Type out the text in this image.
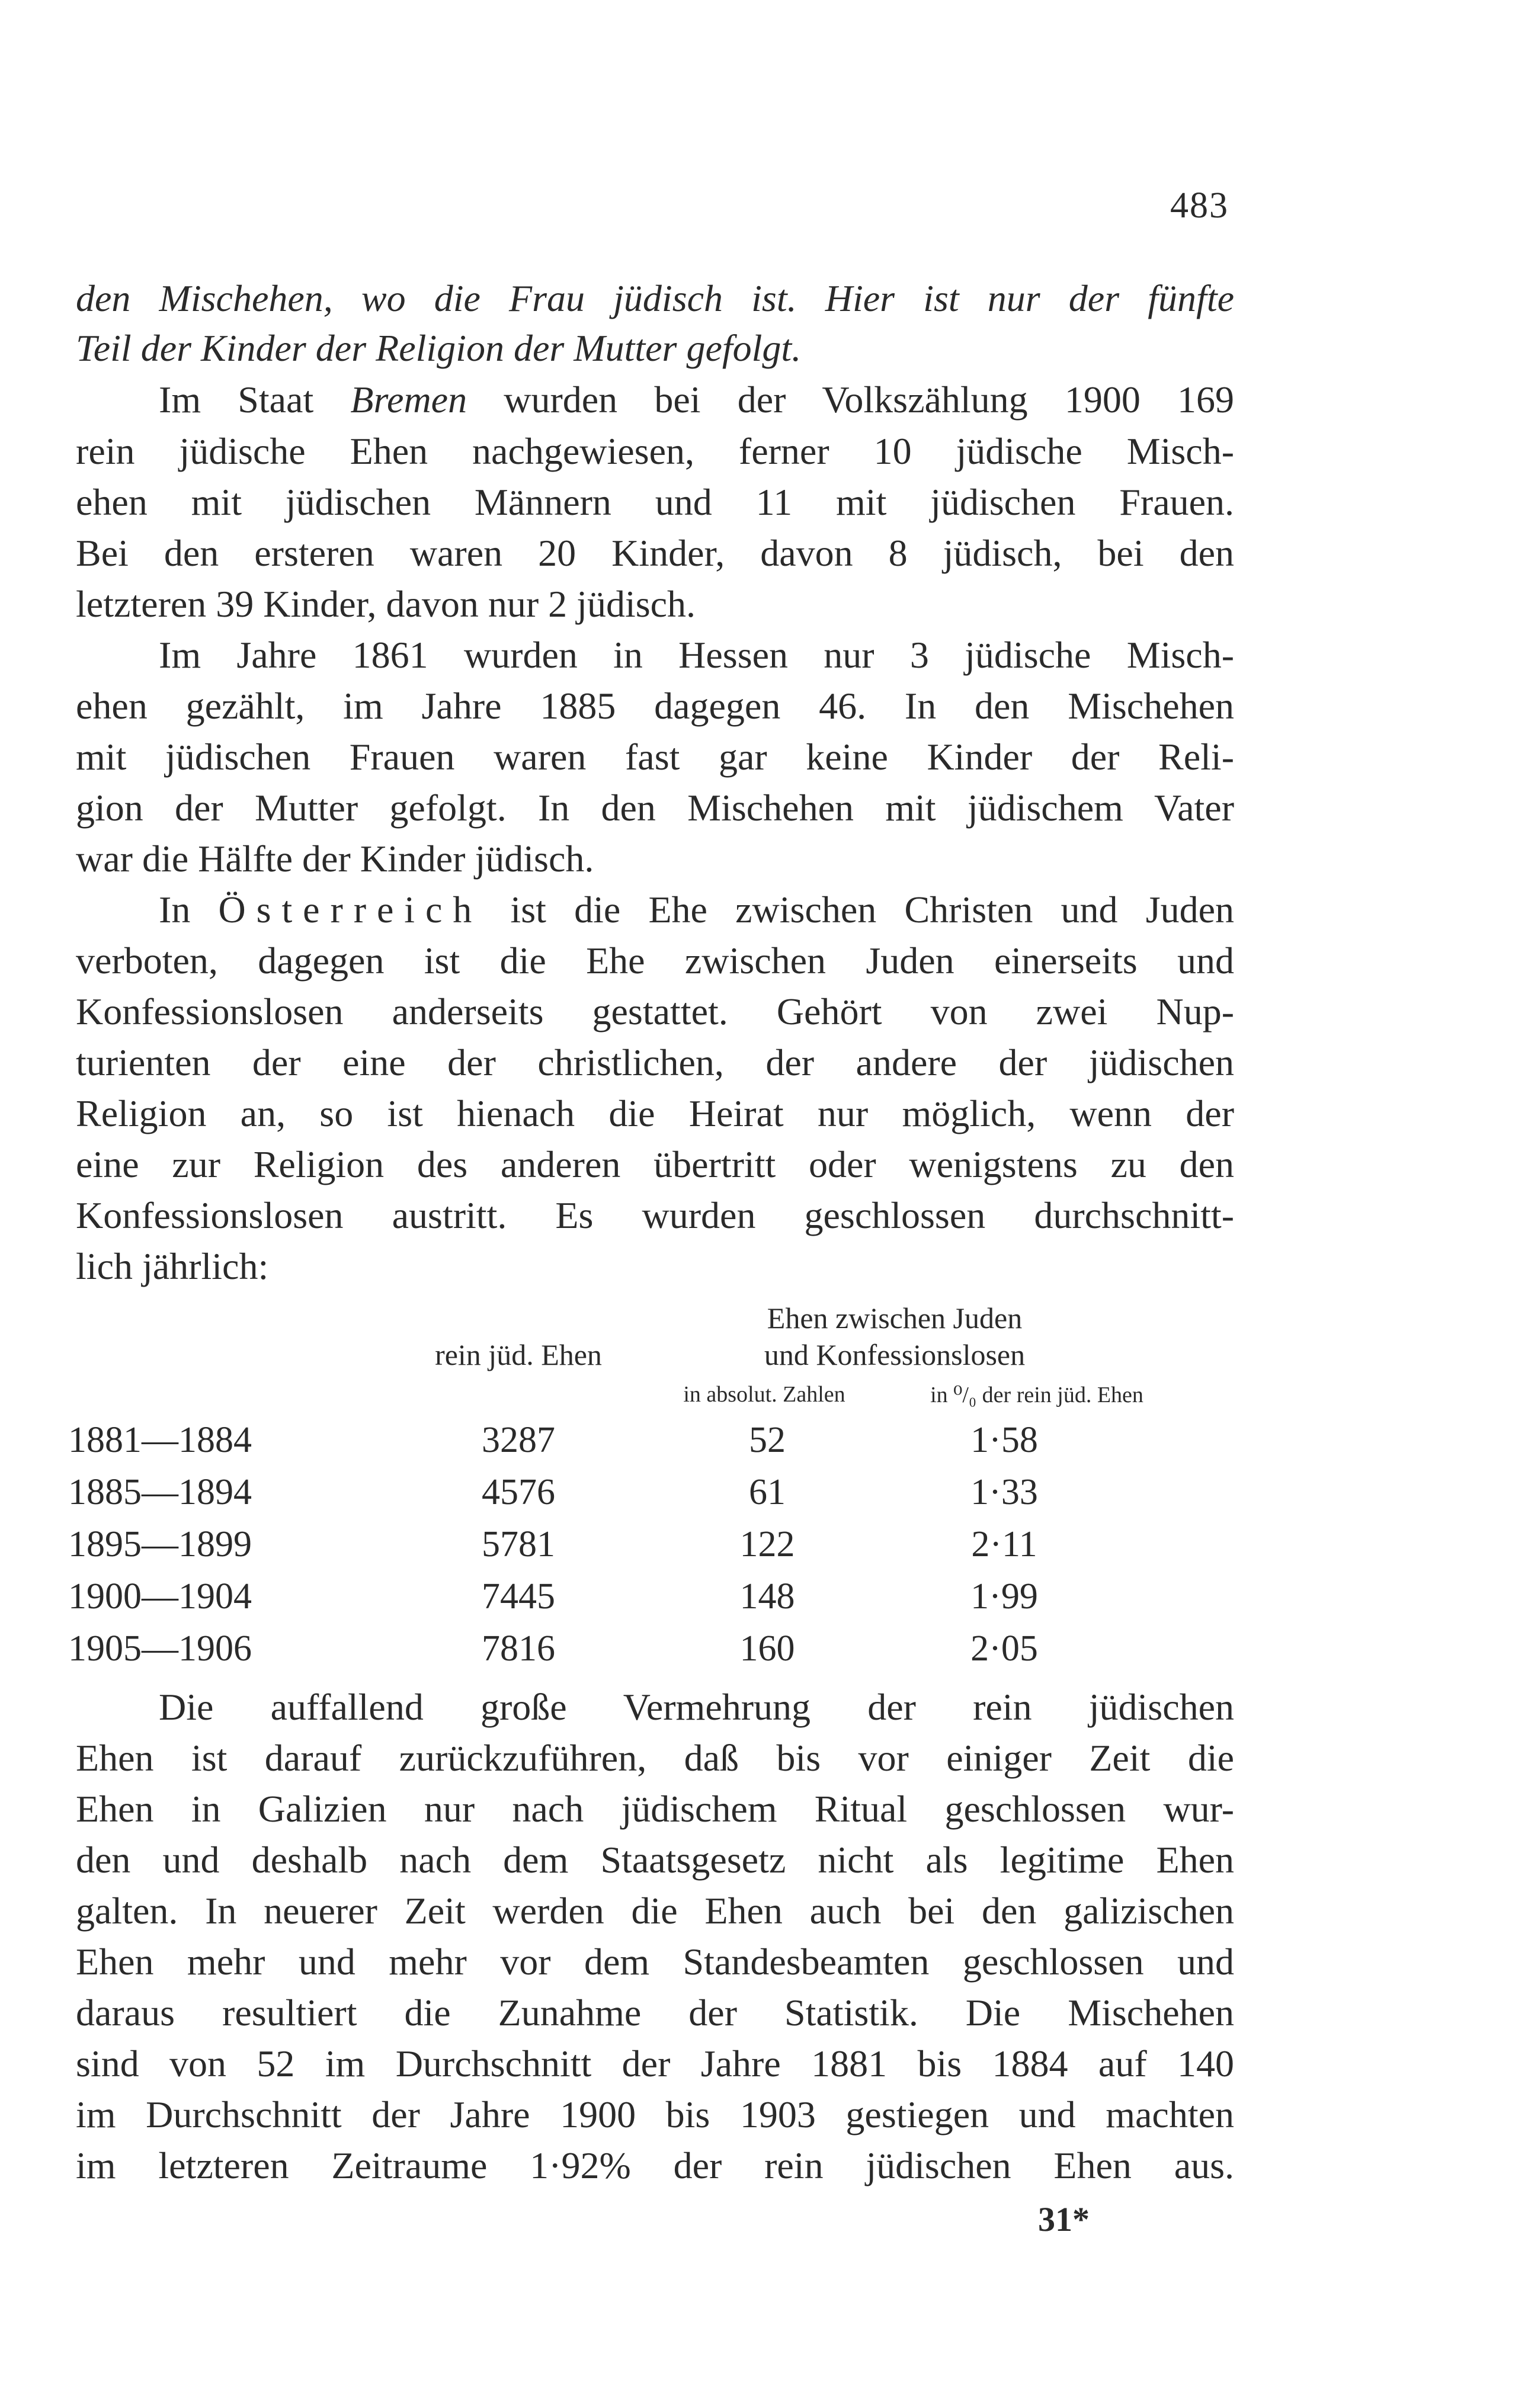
483
den Mischehen, wo die Frau jüdisch ist. Hier ist nur der fünfte
Teil der Kinder der Religion der Mutter gefolgt.
Im Staat Bremen wurden bei der Volkszählung 1900 169
rein jüdische Ehen nachgewiesen, ferner 10 jüdische Misch-
ehen mit jüdischen Männern und 11 mit jüdischen Frauen.
Bei den ersteren waren 20 Kinder, davon 8 jüdisch, bei den
letzteren 39 Kinder, davon nur 2 jüdisch.
Im Jahre 1861 wurden in Hessen nur 3 jüdische Misch-
ehen gezählt, im Jahre 1885 dagegen 46. In den Mischehen
mit jüdischen Frauen waren fast gar keine Kinder der Reli-
gion der Mutter gefolgt. In den Mischehen mit jüdischem Vater
war die Hälfte der Kinder jüdisch.
In Österreich ist die Ehe zwischen Christen und Juden
verboten, dagegen ist die Ehe zwischen Juden einerseits und
Konfessionslosen anderseits gestattet. Gehört von zwei Nup-
turienten der eine der christlichen, der andere der jüdischen
Religion an, so ist hienach die Heirat nur möglich, wenn der
eine zur Religion des anderen übertritt oder wenigstens zu den
Konfessionslosen austritt. Es wurden geschlossen durchschnitt-
lich jährlich:
Ehen zwischen Juden
rein jüd. Ehen	und Konfessionslosen
in absolut. Zahlen	in ⁰/₀ der rein jüd. Ehen
1881—1884	3287	52	1·58
1885—1894	4576	61	1·33
1895—1899	5781	122	2·11
1900—1904	7445	148	1·99
1905—1906	7816	160	2·05
Die auffallend große Vermehrung der rein jüdischen
Ehen ist darauf zurückzuführen, daß bis vor einiger Zeit die
Ehen in Galizien nur nach jüdischem Ritual geschlossen wur-
den und deshalb nach dem Staatsgesetz nicht als legitime Ehen
galten. In neuerer Zeit werden die Ehen auch bei den galizischen
Ehen mehr und mehr vor dem Standesbeamten geschlossen und
daraus resultiert die Zunahme der Statistik. Die Mischehen
sind von 52 im Durchschnitt der Jahre 1881 bis 1884 auf 140
im Durchschnitt der Jahre 1900 bis 1903 gestiegen und machten
im letzteren Zeitraume 1·92% der rein jüdischen Ehen aus.
31*
